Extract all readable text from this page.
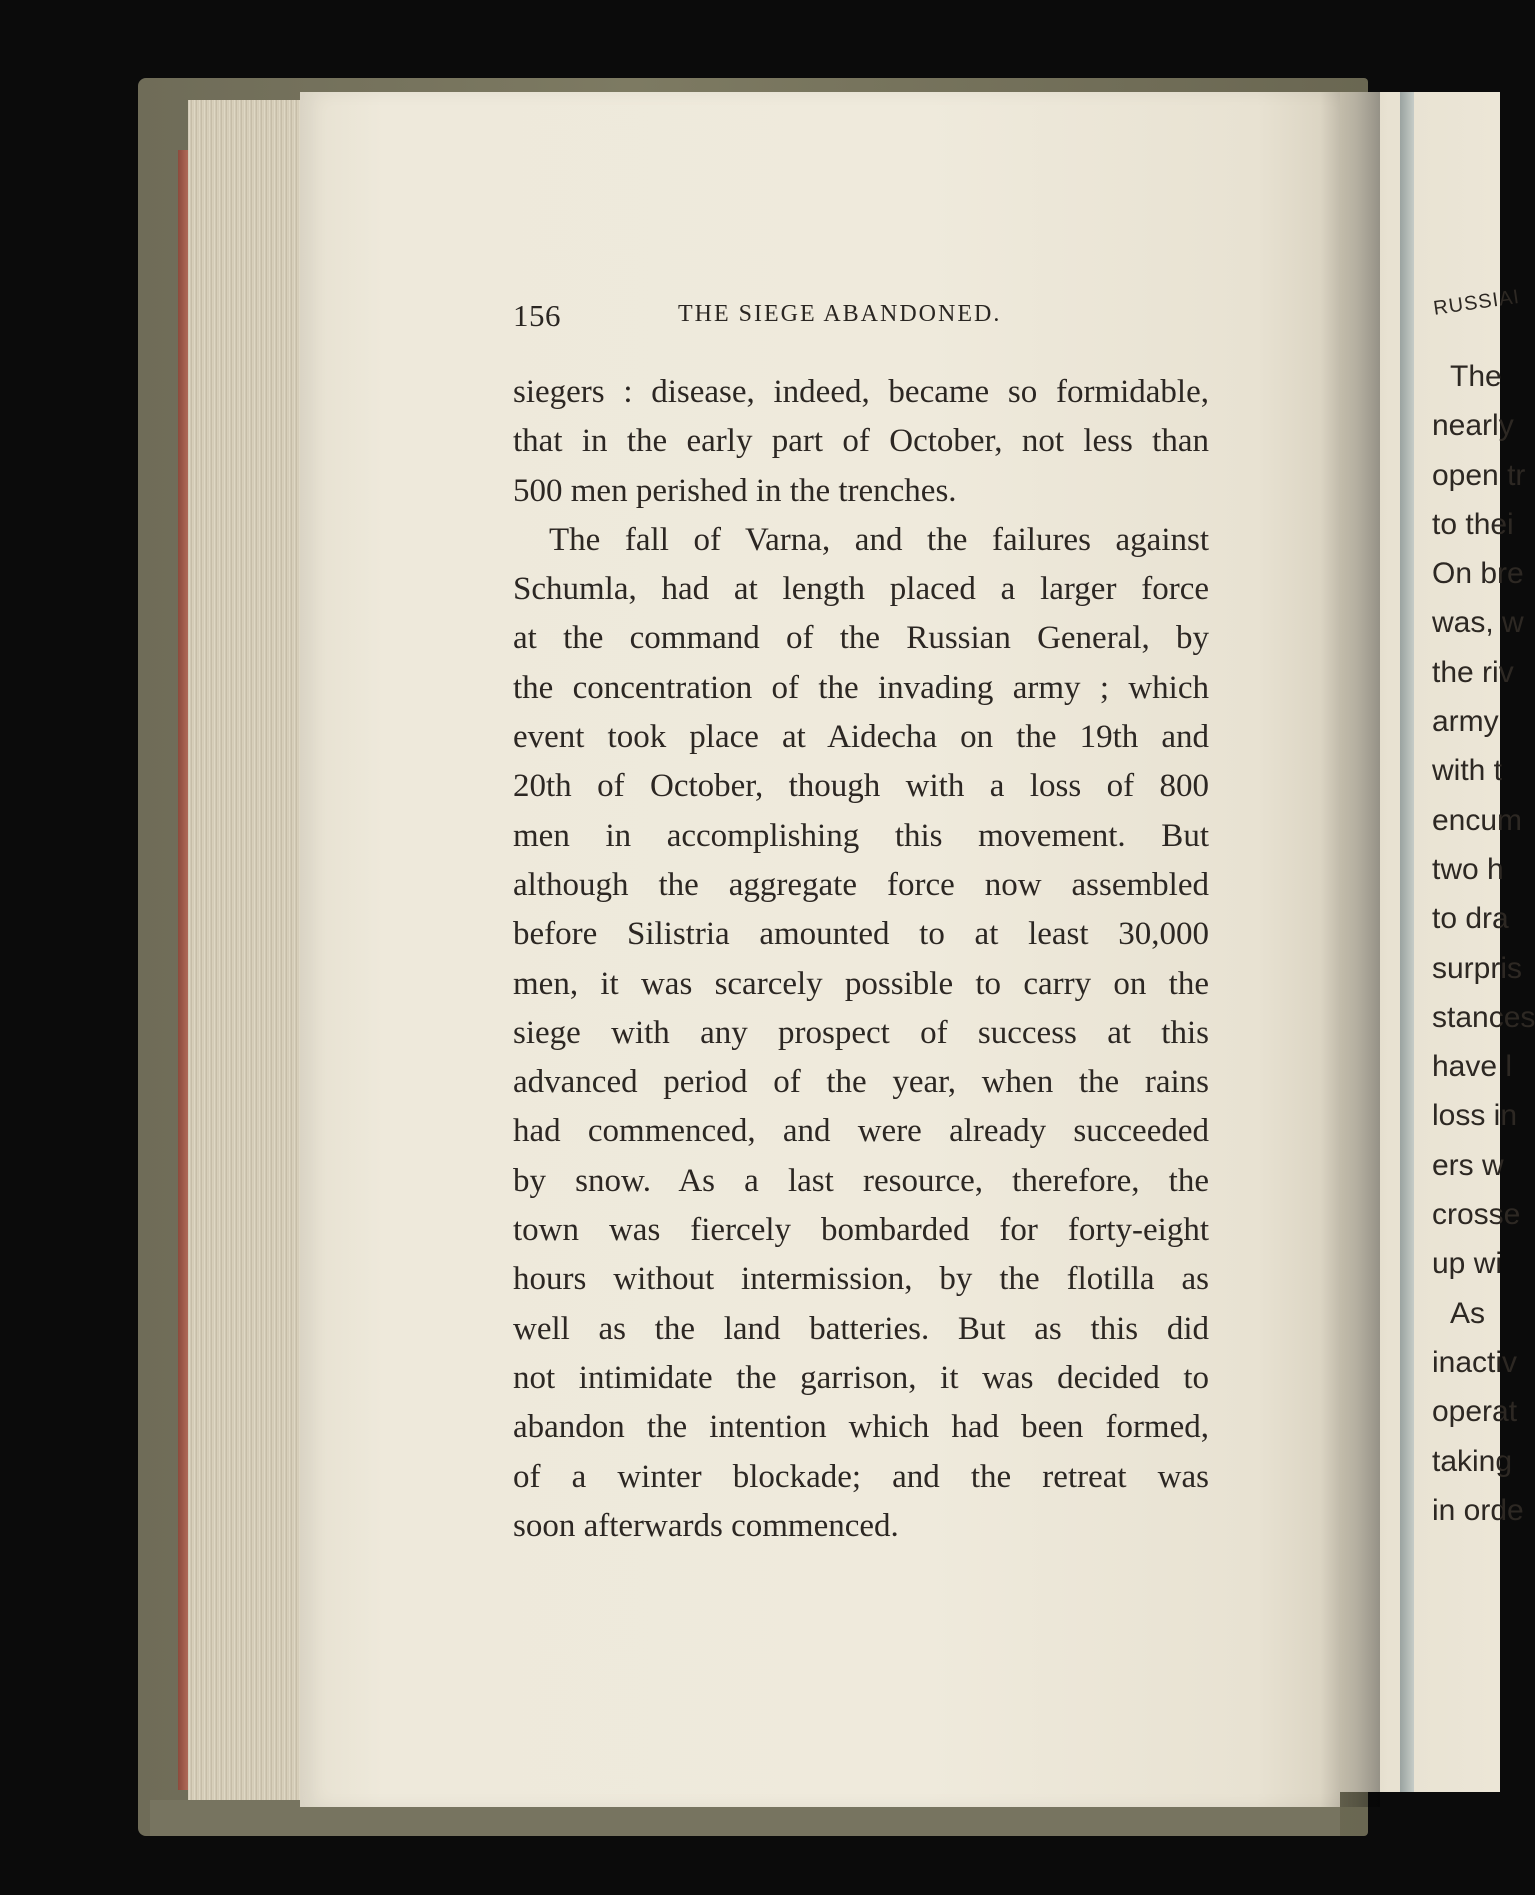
156	THE SIEGE ABANDONED.
siegers : disease, indeed, became so formidable,
that in the early part of October, not less than
500 men perished in the trenches.
The fall of Varna, and the failures against
Schumla, had at length placed a larger force
at the command of the Russian General, by
the concentration of the invading army ; which
event took place at Aidecha on the 19th and
20th of October, though with a loss of 800
men in accomplishing this movement. But
although the aggregate force now assembled
before Silistria amounted to at least 30,000
men, it was scarcely possible to carry on the
siege with any prospect of success at this
advanced period of the year, when the rains
had commenced, and were already succeeded
by snow. As a last resource, therefore, the
town was fiercely bombarded for forty-eight
hours without intermission, by the flotilla as
well as the land batteries. But as this did
not intimidate the garrison, it was decided to
abandon the intention which had been formed,
of a winter blockade; and the retreat was
soon afterwards commenced.
RUSSIAI
The
nearly
open tr
to thei
On bre
was, w
the riv
army
with t
encum
two h
to dra
surpris
stances
have l
loss in
ers w
crosse
up wi
As
inactiv
operat
taking
in orde
